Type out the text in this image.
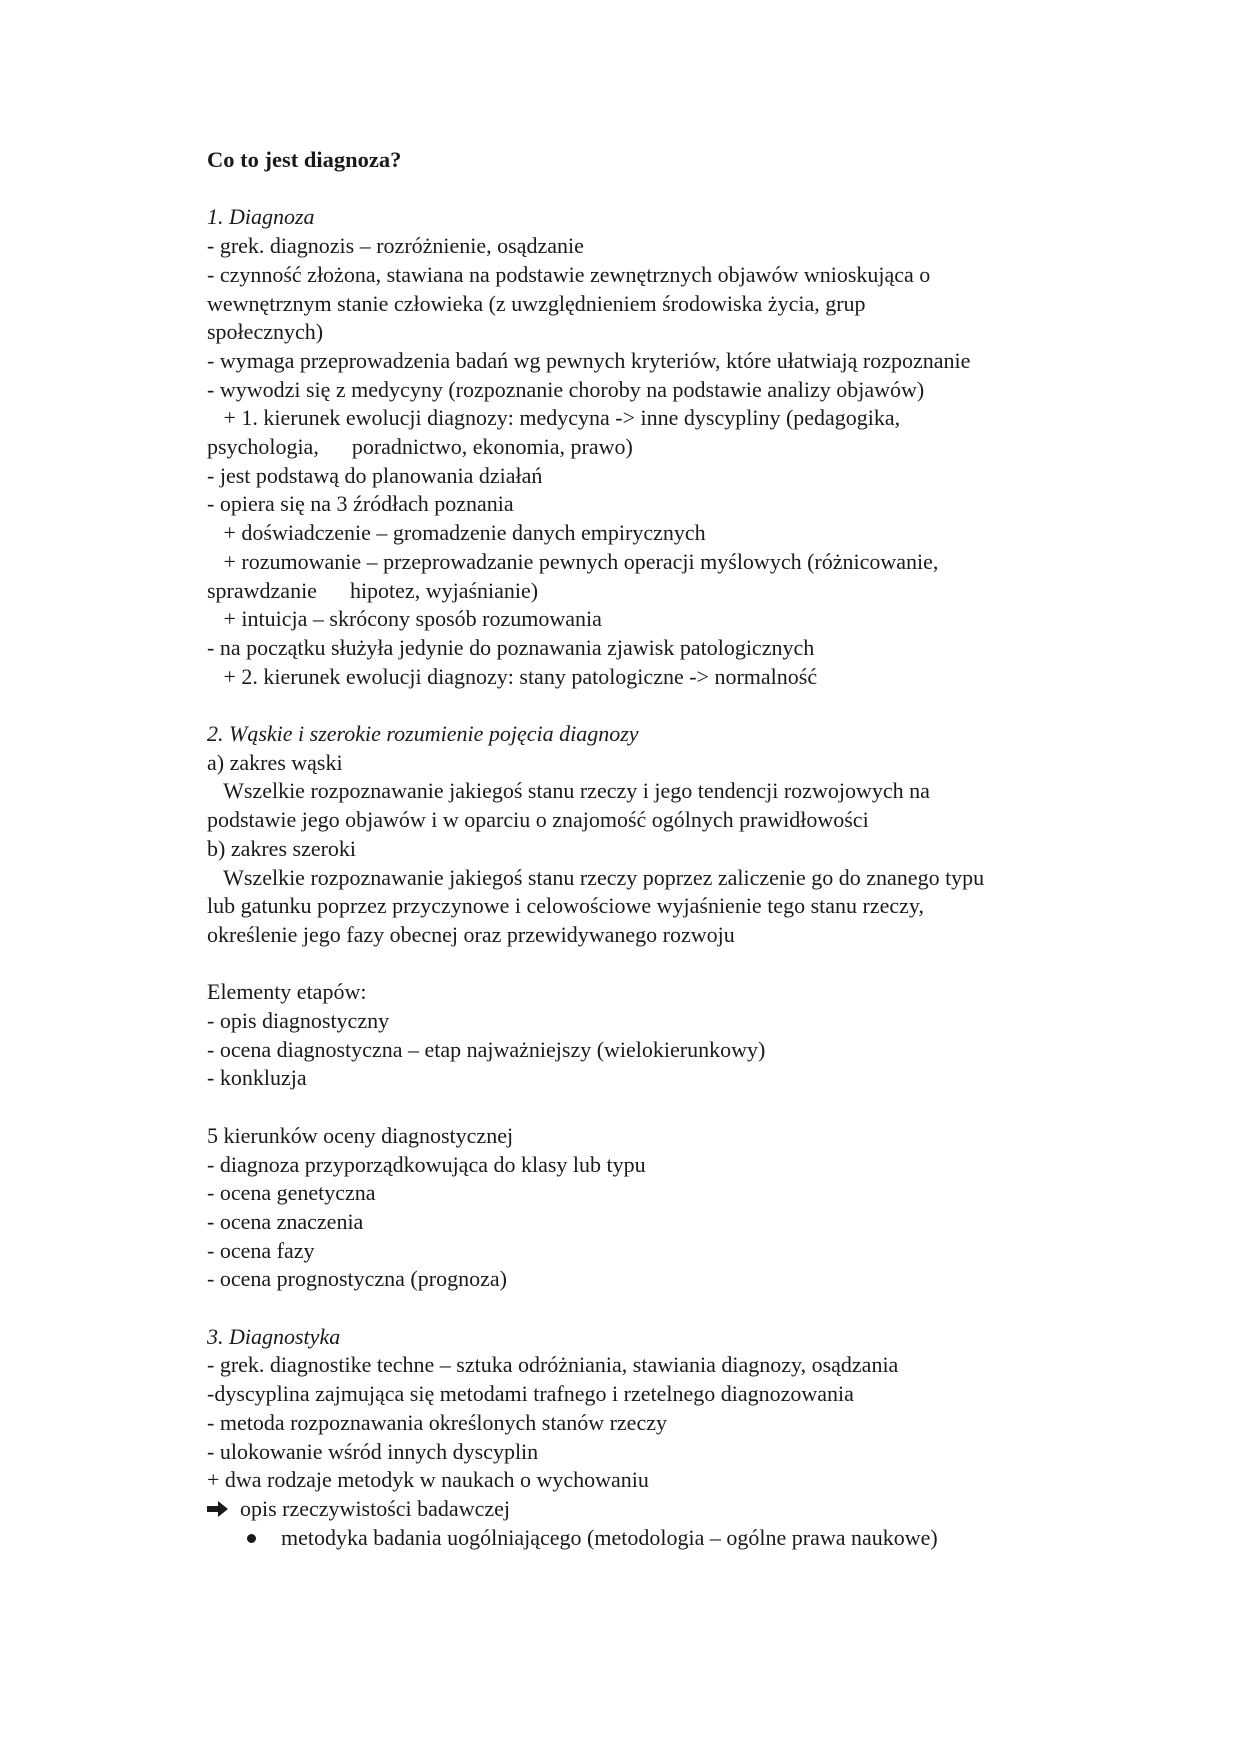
Co to jest diagnoza?
1. Diagnoza
- grek. diagnozis – rozróżnienie, osądzanie
- czynność złożona, stawiana na podstawie zewnętrznych objawów wnioskująca o
wewnętrznym stanie człowieka (z uwzględnieniem środowiska życia, grup
społecznych)
- wymaga przeprowadzenia badań wg pewnych kryteriów, które ułatwiają rozpoznanie
- wywodzi się z medycyny (rozpoznanie choroby na podstawie analizy objawów)
+ 1. kierunek ewolucji diagnozy: medycyna -> inne dyscypliny (pedagogika,
psychologia,      poradnictwo, ekonomia, prawo)
- jest podstawą do planowania działań
- opiera się na 3 źródłach poznania
+ doświadczenie – gromadzenie danych empirycznych
+ rozumowanie – przeprowadzanie pewnych operacji myślowych (różnicowanie,
sprawdzanie      hipotez, wyjaśnianie)
+ intuicja – skrócony sposób rozumowania
- na początku służyła jedynie do poznawania zjawisk patologicznych
+ 2. kierunek ewolucji diagnozy: stany patologiczne -> normalność
2. Wąskie i szerokie rozumienie pojęcia diagnozy
a) zakres wąski
Wszelkie rozpoznawanie jakiegoś stanu rzeczy i jego tendencji rozwojowych na
podstawie jego objawów i w oparciu o znajomość ogólnych prawidłowości
b) zakres szeroki
Wszelkie rozpoznawanie jakiegoś stanu rzeczy poprzez zaliczenie go do znanego typu
lub gatunku poprzez przyczynowe i celowościowe wyjaśnienie tego stanu rzeczy,
określenie jego fazy obecnej oraz przewidywanego rozwoju
Elementy etapów:
- opis diagnostyczny
- ocena diagnostyczna – etap najważniejszy (wielokierunkowy)
- konkluzja
5 kierunków oceny diagnostycznej
- diagnoza przyporządkowująca do klasy lub typu
- ocena genetyczna
- ocena znaczenia
- ocena fazy
- ocena prognostyczna (prognoza)
3. Diagnostyka
- grek. diagnostike techne – sztuka odróżniania, stawiania diagnozy, osądzania
-dyscyplina zajmująca się metodami trafnego i rzetelnego diagnozowania
- metoda rozpoznawania określonych stanów rzeczy
- ulokowanie wśród innych dyscyplin
+ dwa rodzaje metodyk w naukach o wychowaniu
opis rzeczywistości badawczej
metodyka badania uogólniającego (metodologia – ogólne prawa naukowe)
